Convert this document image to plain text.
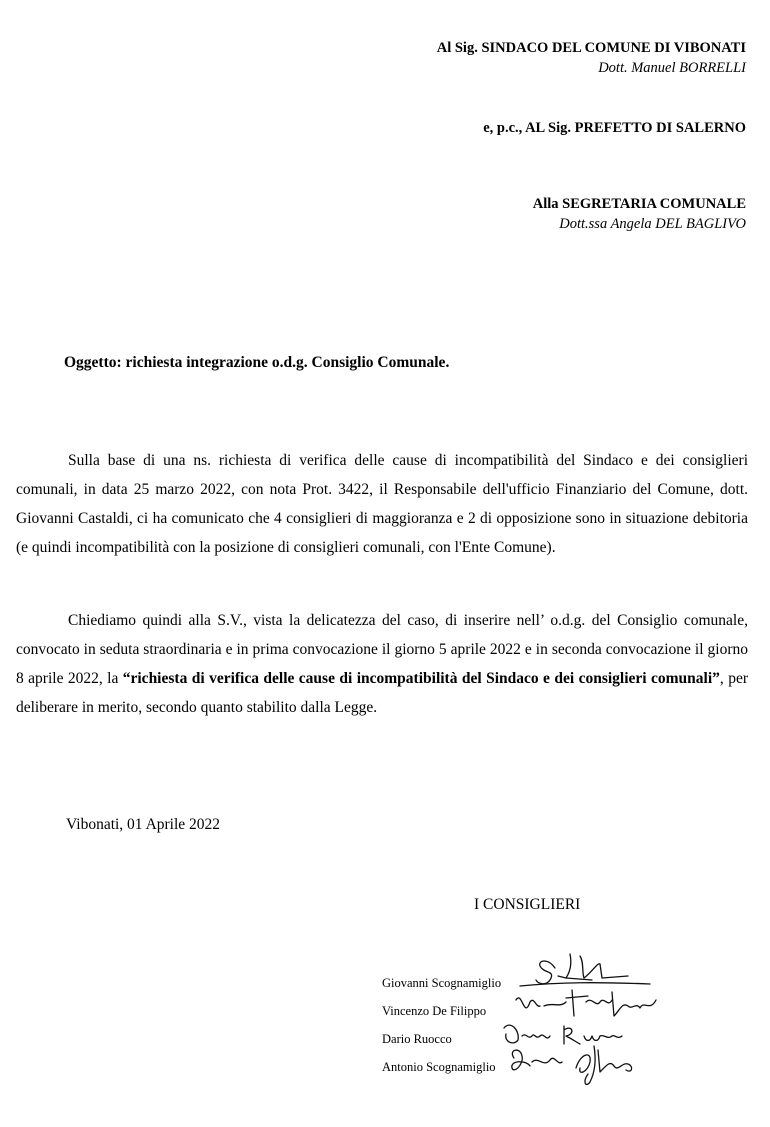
Al Sig. SINDACO DEL COMUNE DI VIBONATI
Dott. Manuel BORRELLI
e, p.c., AL Sig. PREFETTO DI SALERNO
Alla SEGRETARIA COMUNALE
Dott.ssa Angela DEL BAGLIVO
Oggetto: richiesta integrazione o.d.g. Consiglio Comunale.
Sulla base di una ns. richiesta di verifica delle cause di incompatibilità del Sindaco e dei consiglieri comunali, in data 25 marzo 2022, con nota Prot. 3422, il Responsabile dell'ufficio Finanziario del Comune, dott. Giovanni Castaldi, ci ha comunicato che 4 consiglieri di maggioranza e 2 di opposizione sono in situazione debitoria (e quindi incompatibilità con la posizione di consiglieri comunali, con l'Ente Comune).
Chiediamo quindi alla S.V., vista la delicatezza del caso, di inserire nell’ o.d.g. del Consiglio comunale, convocato in seduta straordinaria e in prima convocazione il giorno 5 aprile 2022 e in seconda convocazione il giorno 8 aprile 2022, la “richiesta di verifica delle cause di incompatibilità del Sindaco e dei consiglieri comunali”, per deliberare in merito, secondo quanto stabilito dalla Legge.
Vibonati, 01 Aprile 2022
I CONSIGLIERI
Giovanni Scognamiglio
Vincenzo De Filippo
Dario Ruocco
Antonio Scognamiglio
